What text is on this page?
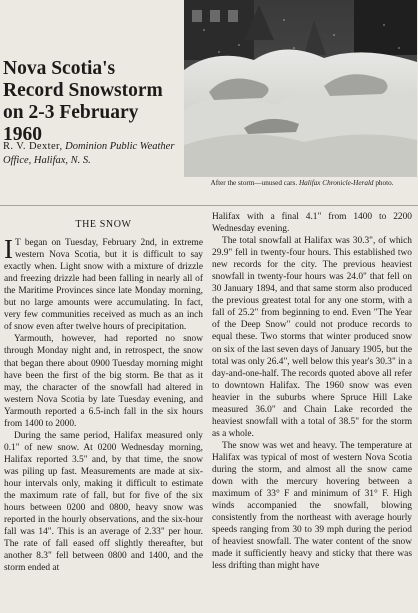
Nova Scotia's Record Snowstorm on 2-3 February 1960

R. V. Dexter, Dominion Public Weather Office, Halifax, N. S.

After the storm—unused cars. Halifax Chronicle-Herald photo.

THE SNOW

I T began on Tuesday, February 2nd, in extreme western Nova Scotia, but it is difficult to say exactly when. Light snow with a mixture of drizzle and freezing drizzle had been falling in nearly all of the Maritime Provinces since late Monday morning, but no large amounts were accumulating. In fact, very few communities received as much as an inch of snow even after twelve hours of precipitation.

Yarmouth, however, had reported no snow through Monday night and, in retrospect, the snow that began there about 0900 Tuesday morning might have been the first of the big storm. Be that as it may, the character of the snowfall had altered in western Nova Scotia by late Tuesday evening, and Yarmouth reported a 6.5-inch fall in the six hours from 1400 to 2000.

During the same period, Halifax measured only 0.1" of new snow. At 0200 Wednesday morning, Halifax reported 3.5" and, by that time, the snow was piling up fast. Measurements are made at six-hour intervals only, making it difficult to estimate the maximum rate of fall, but for five of the six hours between 0200 and 0800, heavy snow was reported in the hourly observations, and the six-hour fall was 14". This is an average of 2.33" per hour. The rate of fall eased off slightly thereafter, but another 8.3" fell between 0800 and 1400, and the storm ended at

Halifax with a final 4.1" from 1400 to 2200 Wednesday evening.

The total snowfall at Halifax was 30.3", of which 29.9" fell in twenty-four hours. This established two new records for the city. The previous heaviest snowfall in twenty-four hours was 24.0" that fell on 30 January 1894, and that same storm also produced the previous greatest total for any one storm, with a fall of 25.2" from beginning to end. Even "The Year of the Deep Snow" could not produce records to equal these. Two storms that winter produced snow on six of the last seven days of January 1905, but the total was only 26.4", well below this year's 30.3" in a day-and-one-half. The records quoted above all refer to downtown Halifax. The 1960 snow was even heavier in the suburbs where Spruce Hill Lake measured 36.0" and Chain Lake recorded the heaviest snowfall with a total of 38.5" for the storm as a whole.

The snow was wet and heavy. The temperature at Halifax was typical of most of western Nova Scotia during the storm, and almost all the snow came down with the mercury hovering between a maximum of 33° F and minimum of 31° F. High winds accompanied the snowfall, blowing consistently from the northeast with average hourly speeds ranging from 30 to 39 mph during the period of heaviest snowfall. The water content of the snow made it sufficiently heavy and sticky that there was less drifting than might have
